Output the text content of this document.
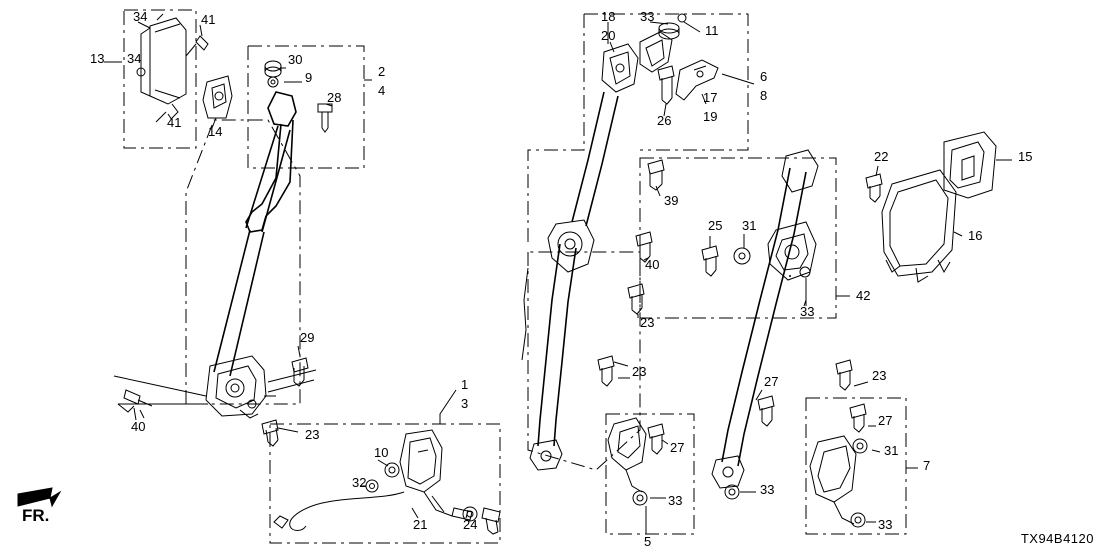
34	41
13 34	30
9	2
4
28
41
14
29
1
3
40
23
10
32
21	24
18 33
11
20
6
8
17
26 19
39
25 31
40
23
33
42
22	15
16
23
27	23
27
27
31
7
33
33
33
5
FR.
TX94B4120
